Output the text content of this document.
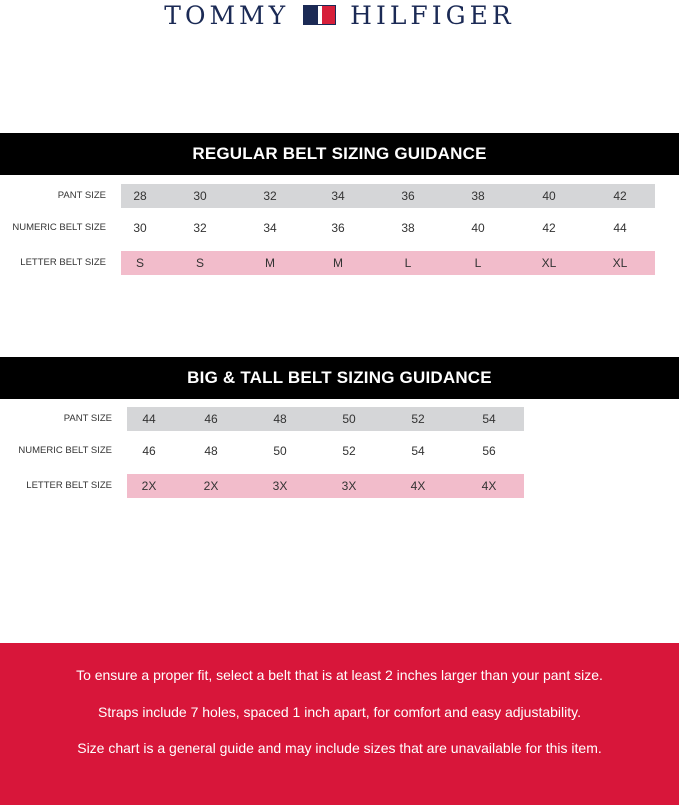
TOMMY HILFIGER
REGULAR BELT SIZING GUIDANCE
PANT SIZE	28	30	32	34	36	38	40	42
NUMERIC BELT SIZE	30	32	34	36	38	40	42	44
LETTER BELT SIZE	S	S	M	M	L	L	XL	XL
BIG & TALL BELT SIZING GUIDANCE
PANT SIZE	44	46	48	50	52	54
NUMERIC BELT SIZE	46	48	50	52	54	56
LETTER BELT SIZE	2X	2X	3X	3X	4X	4X
To ensure a proper fit, select a belt that is at least 2 inches larger than your pant size.
Straps include 7 holes, spaced 1 inch apart, for comfort and easy adjustability.
Size chart is a general guide and may include sizes that are unavailable for this item.
